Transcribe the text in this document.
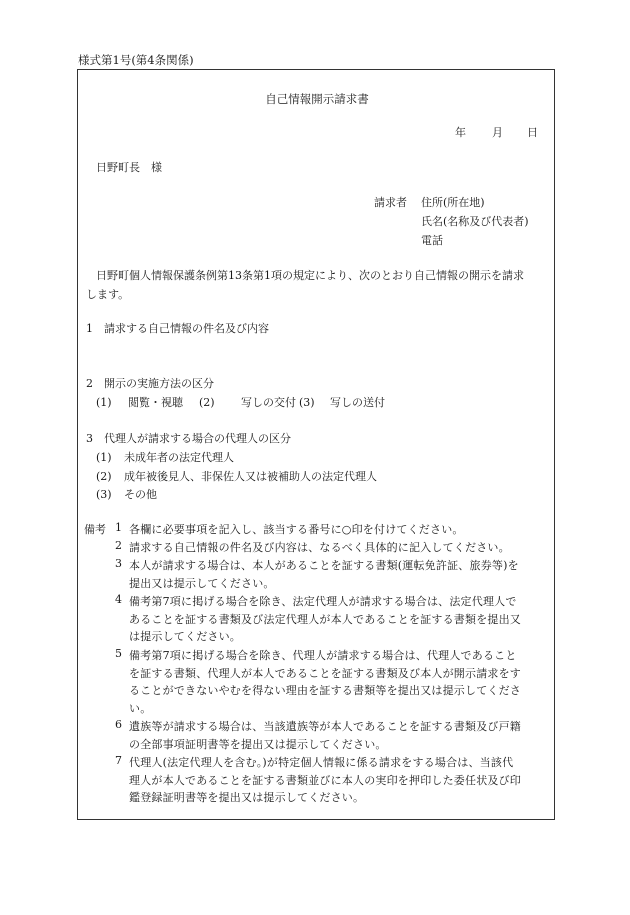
様式第1号(第4条関係)
自己情報開示請求書
年 月 日
日野町長　様
請求者 住所(所在地)
氏名(名称及び代表者)
電話
日野町個人情報保護条例第13条第1項の規定により、次のとおり自己情報の開示を請求
します。
1 請求する自己情報の件名及び内容
2 開示の実施方法の区分
(1) 閲覧・視聴 (2) 写しの交付 (3) 写しの送付
3 代理人が請求する場合の代理人の区分
(1) 未成年者の法定代理人
(2) 成年被後見人、非保佐人又は被補助人の法定代理人
(3) その他
備考 1 各欄に必要事項を記入し、該当する番号に○印を付けてください。
2 請求する自己情報の件名及び内容は、なるべく具体的に記入してください。
3 本人が請求する場合は、本人があることを証する書類(運転免許証、旅券等)を
提出又は提示してください。
4 備考第7項に掲げる場合を除き、法定代理人が請求する場合は、法定代理人で
あることを証する書類及び法定代理人が本人であることを証する書類を提出又
は提示してください。
5 備考第7項に掲げる場合を除き、代理人が請求する場合は、代理人であること
を証する書類、代理人が本人であることを証する書類及び本人が開示請求をす
ることができないやむを得ない理由を証する書類等を提出又は提示してくださ
い。
6 遺族等が請求する場合は、当該遺族等が本人であることを証する書類及び戸籍
の全部事項証明書等を提出又は提示してください。
7 代理人(法定代理人を含む。)が特定個人情報に係る請求をする場合は、当該代
理人が本人であることを証する書類並びに本人の実印を押印した委任状及び印
鑑登録証明書等を提出又は提示してください。
